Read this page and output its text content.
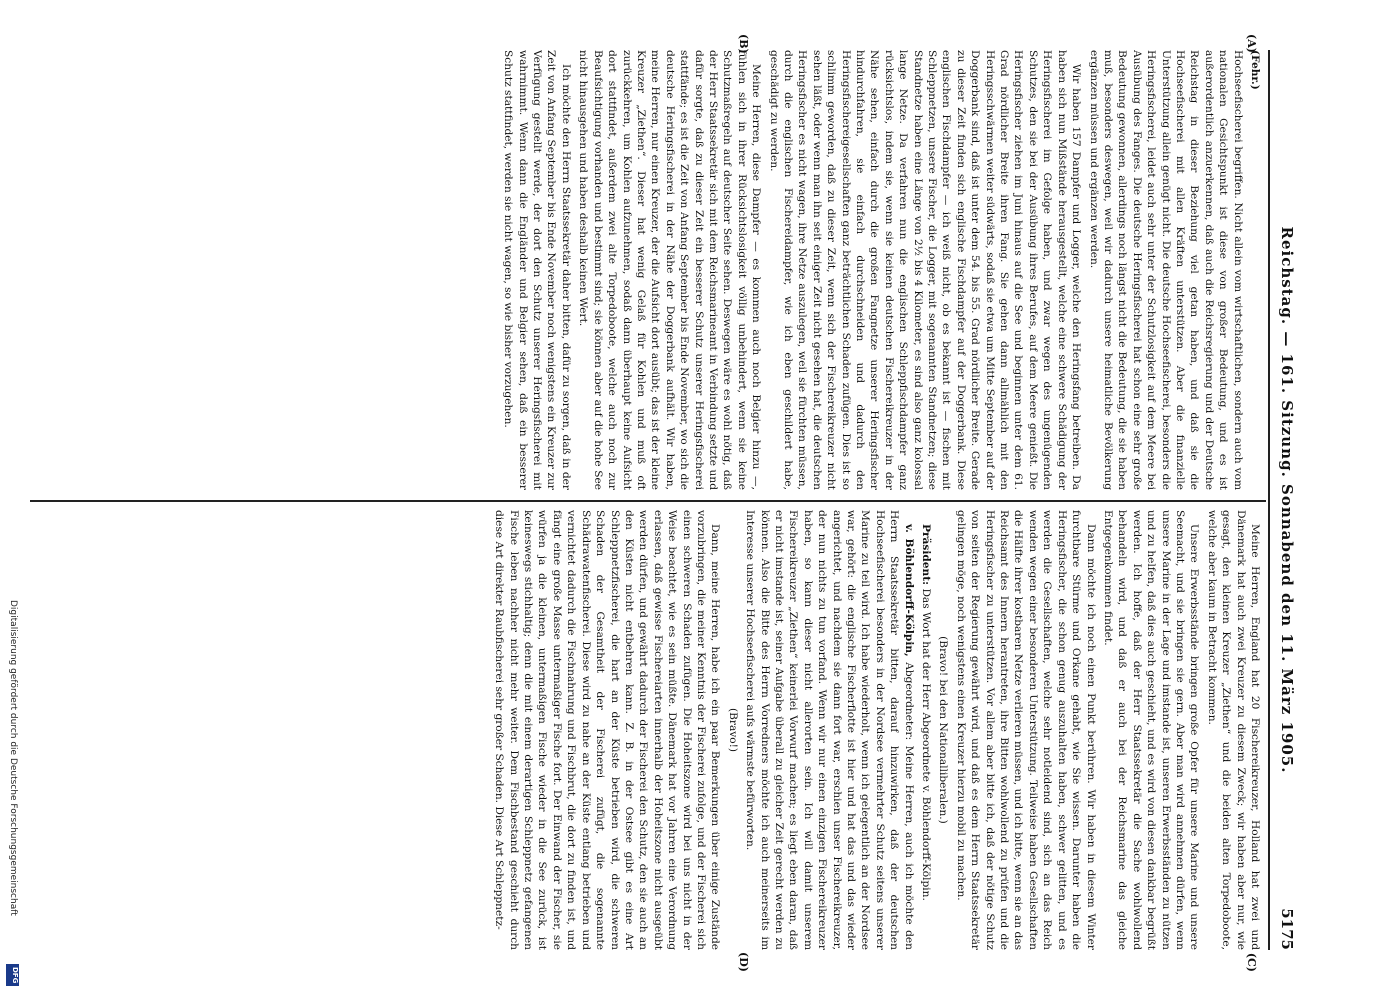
Reichstag. — 161. Sitzung. Sonnabend den 11. März 1905.
5175
(A)
(B)
(C)
(D)

(Fehr.)

Hochseefischerei begriffen. Nicht allein vom wirtschaftlichen, sondern auch vom nationalen Gesichtspunkt ist diese von großer Bedeutung, und es ist außerordentlich anzuerkennen, daß auch die Reichsregierung und der Deutsche Reichstag in dieser Beziehung viel getan haben, und daß sie die Hochseefischerei mit allen Kräften unterstützen. Aber die finanzielle Unterstützung allein genügt nicht. Die deutsche Hochseefischerei, besonders die Heringsfischerei, leidet auch sehr unter der Schutzlosigkeit auf dem Meere bei Ausübung des Fanges. Die deutsche Heringsfischerei hat schon eine sehr große Bedeutung gewonnen, allerdings noch längst nicht die Bedeutung, die sie haben muß, besonders deswegen, weil wir dadurch unsere heimatliche Bevölkerung ergänzen müssen und ergänzen werden.

Wir haben 157 Dampfer und Logger, welche den Heringsfang betreiben. Da haben sich nun Mißstände herausgestellt, welche eine schwere Schädigung der Heringsfischerei im Gefolge haben, und zwar wegen des ungenügenden Schutzes, den sie bei der Ausübung ihres Berufes, auf dem Meere genießt. Die Heringsfischer ziehen im Juni hinaus auf die See und beginnen unter dem 61. Grad nördlicher Breite ihren Fang. Sie gehen dann allmählich mit den Heringsschwärmen weiter südwärts, sodaß sie etwa um Mitte September auf der Doggerbank sind, daß ist unter dem 54. bis 55. Grad nördlicher Breite. Gerade zu dieser Zeit finden sich englische Fischdampfer auf der Doggerbank. Diese englischen Fischdampfer — ich weiß nicht, ob es bekannt ist — fischen mit Schleppnetzen, unsere Fischer, die Logger, mit sogenannten Standnetzen; diese Standnetze haben eine Länge von 2½ bis 4 Kilometer, es sind also ganz kolossal lange Netze. Da verfahren nun die englischen Schleppfischdampfer ganz rücksichtslos, indem sie, wenn sie keinen deutschen Fischereikreuzer in der Nähe sehen, einfach durch die großen Fangnetze unserer Heringsfischer hindurchfahren, sie einfach durchschneiden und dadurch den Heringsfischereigesellschaften ganz beträchtlichen Schaden zufügen. Dies ist so schlimm geworden, daß zu dieser Zeit, wenn sich der Fischereikreuzer nicht sehen läßt, oder wenn man ihn seit einiger Zeit nicht gesehen hat, die deutschen Heringsfischer es nicht wagen, ihre Netze auszulegen, weil sie fürchten müssen, durch die englischen Fischereidampfer, wie ich eben geschildert habe, geschädigt zu werden.

Meine Herren, diese Dampfer — es kommen auch noch Belgier hinzu —, fühlen sich in ihrer Rücksichtslosigkeit völlig unbehindert, wenn sie keine Schutzmaßregeln auf deutscher Seite sehen. Deswegen wäre es wohl nötig, daß der Herr Staatssekretär sich mit dem Reichsmarineamt in Verbindung setzte und dafür sorgte, daß zu dieser Zeit ein besserer Schutz unserer Heringsfischerei stattfände; es ist die Zeit von Anfang September bis Ende November, wo sich die deutsche Heringsfischerei in der Nähe der Doggerbank aufhält. Wir haben, meine Herren, nur einen Kreuzer, der die Aufsicht dort ausübt; das ist der kleine Kreuzer „Ziethen“. Dieser hat wenig Gelaß für Kohlen und muß oft zurückkehren, um Kohlen aufzunehmen, sodaß dann überhaupt keine Aufsicht dort stattfindet, außerdem zwei alte Torpedoboote, welche auch noch zur Beaufsichtigung vorhanden und bestimmt sind; sie können aber auf die hohe See nicht hinausgehen und haben deshalb keinen Wert.

Ich möchte den Herrn Staatssekretär daher bitten, dafür zu sorgen, daß in der Zeit von Anfang September bis Ende November noch wenigstens ein Kreuzer zur Verfügung gestellt werde, der dort den Schutz unserer Heringsfischerei mit wahrnimmt. Wenn dann die Engländer und Belgier sehen, daß ein besserer Schutz stattfindet, werden sie nicht wagen, so wie bisher vorzugehen.

Meine Herren, England hat 20 Fischereikreuzer, Holland hat zwei und Dänemark hat auch zwei Kreuzer zu diesem Zweck; wir haben aber nur, wie gesagt, den kleinen Kreuzer „Ziethen“ und die beiden alten Torpedoboote, welche aber kaum in Betracht kommen.

Unsere Erwerbsstände bringen große Opfer für unsere Marine und unsere Seemacht, und sie bringen sie gern. Aber man wird annehmen dürfen, wenn unsere Marine in der Lage und imstande ist, unseren Erwerbsständen zu nützen und zu helfen, daß dies auch geschieht, und es wird von diesen dankbar begrüßt werden. Ich hoffe, daß der Herr Staatssekretär die Sache wohlwollend behandeln wird, und daß er auch bei der Reichsmarine das gleiche Entgegenkommen findet.

Dann möchte ich noch einen Punkt berühren. Wir haben in diesem Winter furchtbare Stürme und Orkane gehabt, wie Sie wissen. Darunter haben die Heringsfischer, die schon genug auszuhalten haben, schwer gelitten, und es werden die Gesellschaften, welche sehr notleidend sind, sich an das Reich wenden wegen einer besonderen Unterstützung. Teilweise haben Gesellschaften die Hälfte ihrer kostbaren Netze verlieren müssen, und ich bitte, wenn sie an das Reichsamt des Innern herantreten, ihre Bitten wohlwollend zu prüfen und die Heringsfischer zu unterstützen. Vor allem aber bitte ich, daß der nötige Schutz von seiten der Regierung gewährt wird, und daß es dem Herrn Staatssekretär gelingen möge, noch wenigstens einen Kreuzer hierzu mobil zu machen.

(Bravo! bei den Nationalliberalen.)

Präsident: Das Wort hat der Herr Abgeordnete v. Böhlendorff-Kölpin.

v. Böhlendorff-Kölpin, Abgeordneter: Meine Herren, auch ich möchte den Herrn Staatssekretär bitten, darauf hinzuwirken, daß der deutschen Hochseefischerei besonders in der Nordsee vermehrter Schutz seitens unserer Marine zu teil wird. Ich habe wiederholt, wenn ich gelegentlich an der Nordsee war, gehört: die englische Fischerflotte ist hier und hat das und das wieder angerichtet, und nachdem sie dann fort war, erschien unser Fischereikreuzer, der nun nichts zu tun vorfand. Wenn wir nur einen einzigen Fischereikreuzer haben, so kann dieser nicht allerorten sein. Ich will damit unserem Fischereikreuzer „Ziethen“ keinerlei Vorwurf machen; es liegt eben daran, daß er nicht imstande ist, seiner Aufgabe überall zu gleicher Zeit gerecht werden zu können. Also die Bitte des Herrn Vorredners möchte ich auch meinerseits im Interesse unserer Hochseefischerei aufs wärmste befürworten.

(Bravo!)

Dann, meine Herren, habe ich ein paar Bemerkungen über einige Zustände vorzubringen, die meiner Kenntnis der Fischerei zufolge, und der Fischerei sich einen schweren Schaden zufügen. Die Hoheitszone wird bei uns nicht in der Weise beachtet, wie es sein müßte. Dänemark hat vor Jahren eine Verordnung erlassen, daß gewisse Fischereiarten innerhalb der Hoheitszone nicht ausgeübt werden dürfen, und gewährt dadurch der Fischerei den Schutz, den sie auch an den Küsten nicht entbehren kann. Z. B. in der Ostsee gibt es eine Art Schleppnetzfischerei, die hart an der Küste betrieben wird, die schweren Schaden der Gesamtheit der Fischerei zufügt, die sogenannte Schädrawatenfischerei. Diese wird zu nahe an der Küste entlang betrieben und vernichtet dadurch die Fischnahrung und Fischbrut, die dort zu finden ist, und fängt eine große Masse untermaßiger Fische fort. Der Einwand der Fischer, sie würfen ja die kleinen, untermaßigen Fische wieder in die See zurück, ist keineswegs stichhaltig; denn die mit einem derartigen Schleppnetz gefangenen Fische leben nachher nicht mehr weiter. Dem Fischbestand geschieht durch diese Art direkter Raubfischerei sehr großer Schaden. Diese Art Schleppnetz-

Digitalisierung gefördert durch die Deutsche Forschungsgemeinschaft
DFG
